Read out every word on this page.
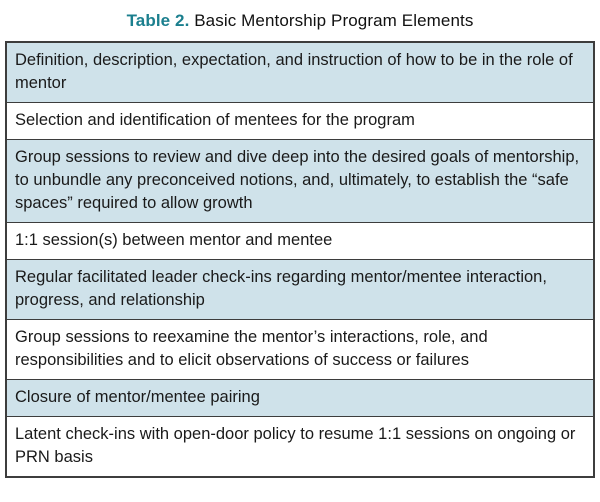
Table 2. Basic Mentorship Program Elements
Definition, description, expectation, and instruction of how to be in the role of mentor
Selection and identification of mentees for the program
Group sessions to review and dive deep into the desired goals of mentorship, to unbundle any preconceived notions, and, ultimately, to establish the “safe spaces” required to allow growth
1:1 session(s) between mentor and mentee
Regular facilitated leader check-ins regarding mentor/mentee interaction, progress, and relationship
Group sessions to reexamine the mentor’s interactions, role, and responsibilities and to elicit observations of success or failures
Closure of mentor/mentee pairing
Latent check-ins with open-door policy to resume 1:1 sessions on ongoing or PRN basis
